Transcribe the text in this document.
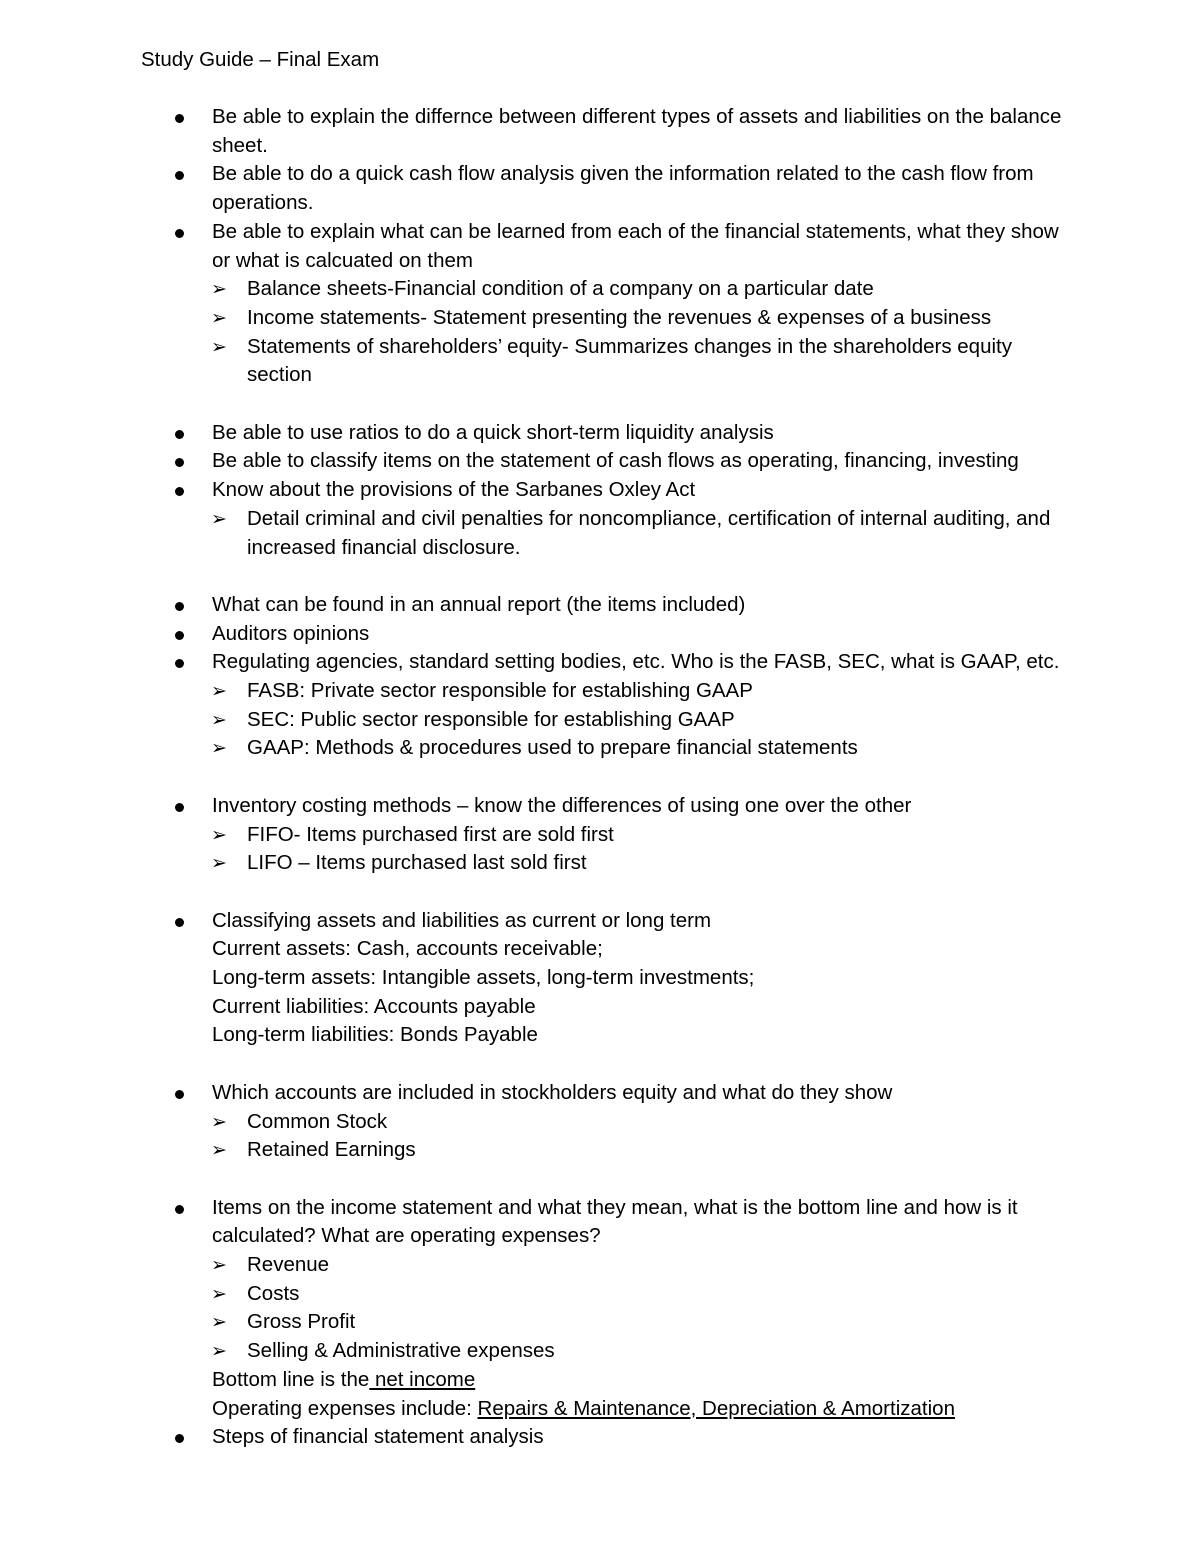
Study Guide – Final Exam
Be able to explain the differnce between different types of assets and liabilities on the balance sheet.
Be able to do a quick cash flow analysis given the information related to the cash flow from operations.
Be able to explain what can be learned from each of the financial statements, what they show or what is calcuated on them
➢ Balance sheets-Financial condition of a company on a particular date
➢ Income statements- Statement presenting the revenues & expenses of a business
➢ Statements of shareholders’ equity- Summarizes changes in the shareholders equity section
Be able to use ratios to do a quick short-term liquidity analysis
Be able to classify items on the statement of cash flows as operating, financing, investing
Know about the provisions of the Sarbanes Oxley Act
➢ Detail criminal and civil penalties for noncompliance, certification of internal auditing, and increased financial disclosure.
What can be found in an annual report (the items included)
Auditors opinions
Regulating agencies, standard setting bodies, etc. Who is the FASB, SEC, what is GAAP, etc.
➢ FASB: Private sector responsible for establishing GAAP
➢ SEC: Public sector responsible for establishing GAAP
➢ GAAP: Methods & procedures used to prepare financial statements
Inventory costing methods – know the differences of using one over the other
➢ FIFO- Items purchased first are sold first
➢ LIFO – Items purchased last sold first
Classifying assets and liabilities as current or long term
Current assets: Cash, accounts receivable;
Long-term assets: Intangible assets, long-term investments;
Current liabilities: Accounts payable
Long-term liabilities: Bonds Payable
Which accounts are included in stockholders equity and what do they show
➢ Common Stock
➢ Retained Earnings
Items on the income statement and what they mean, what is the bottom line and how is it calculated? What are operating expenses?
➢ Revenue
➢ Costs
➢ Gross Profit
➢ Selling & Administrative expenses
Bottom line is the net income
Operating expenses include: Repairs & Maintenance, Depreciation & Amortization
Steps of financial statement analysis
